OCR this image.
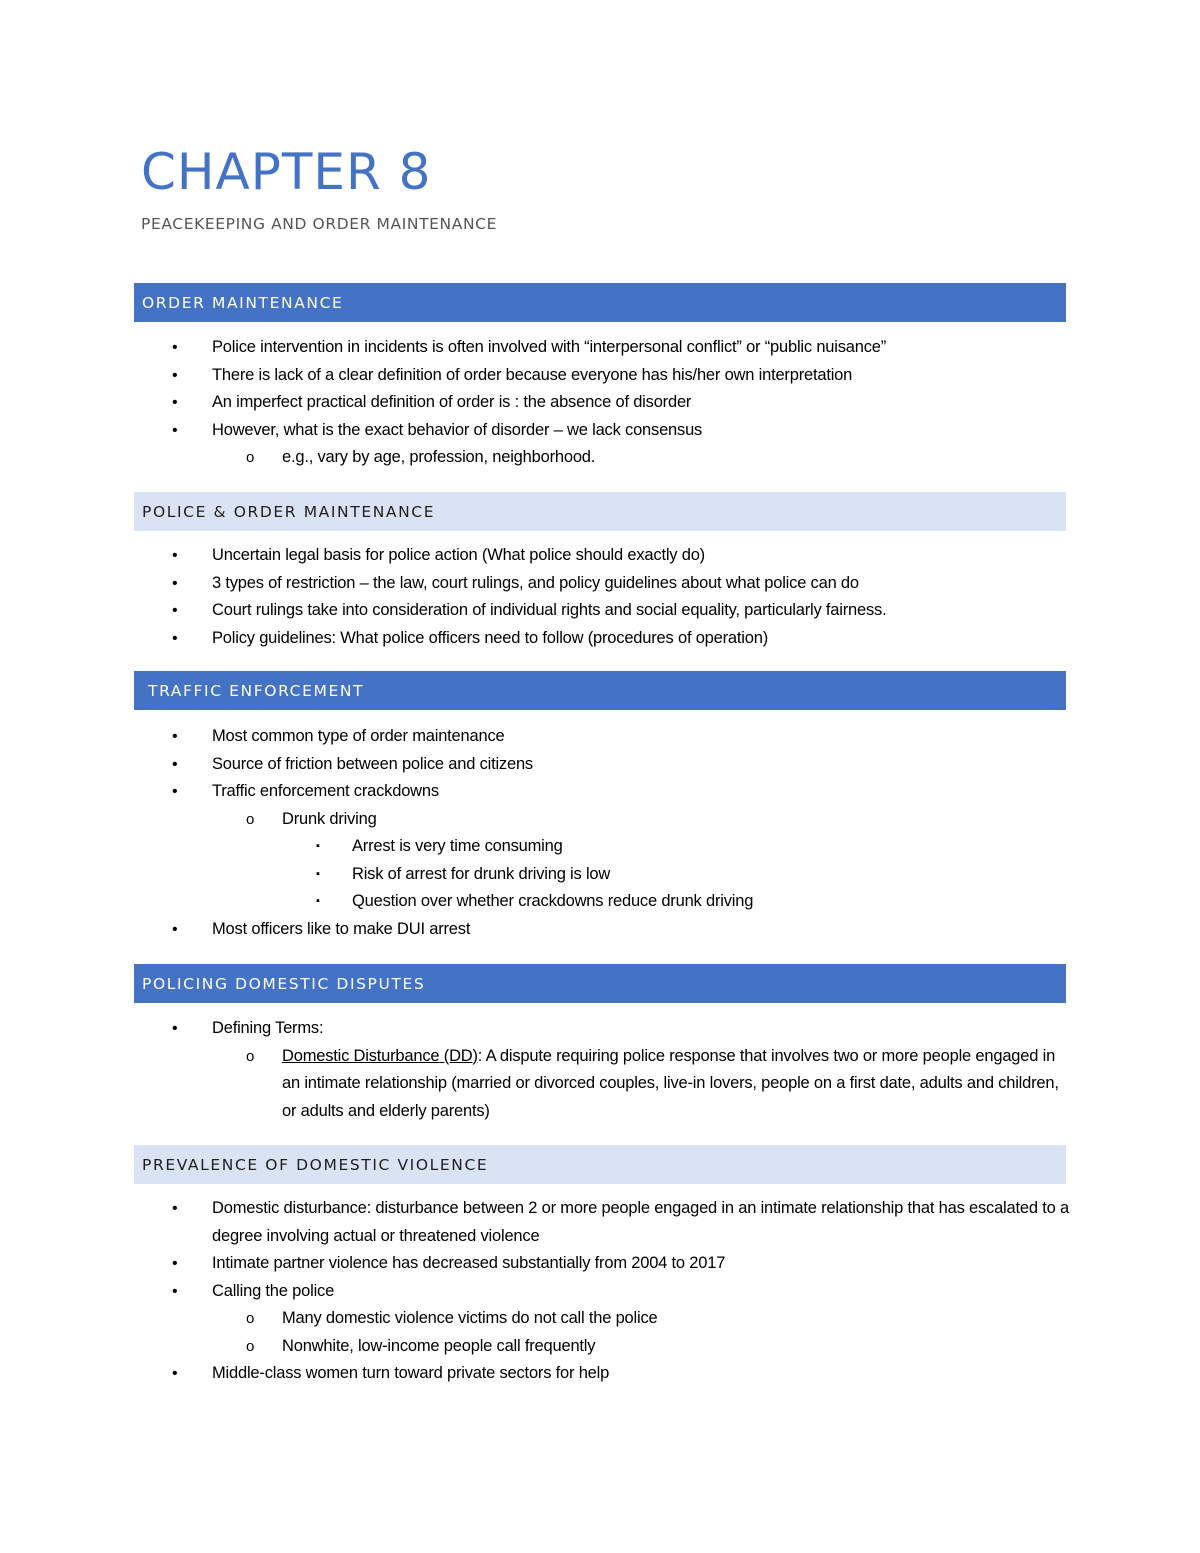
CHAPTER 8
PEACEKEEPING AND ORDER MAINTENANCE
ORDER MAINTENANCE
• Police intervention in incidents is often involved with “interpersonal conflict” or “public nuisance”
• There is lack of a clear definition of order because everyone has his/her own interpretation
• An imperfect practical definition of order is : the absence of disorder
• However, what is the exact behavior of disorder – we lack consensus
o e.g., vary by age, profession, neighborhood.
POLICE & ORDER MAINTENANCE
• Uncertain legal basis for police action (What police should exactly do)
• 3 types of restriction – the law, court rulings, and policy guidelines about what police can do
• Court rulings take into consideration of individual rights and social equality, particularly fairness.
• Policy guidelines: What police officers need to follow (procedures of operation)
TRAFFIC ENFORCEMENT
• Most common type of order maintenance
• Source of friction between police and citizens
• Traffic enforcement crackdowns
o Drunk driving
▪ Arrest is very time consuming
▪ Risk of arrest for drunk driving is low
▪ Question over whether crackdowns reduce drunk driving
• Most officers like to make DUI arrest
POLICING DOMESTIC DISPUTES
• Defining Terms:
o Domestic Disturbance (DD): A dispute requiring police response that involves two or more people engaged in an intimate relationship (married or divorced couples, live-in lovers, people on a first date, adults and children, or adults and elderly parents)
PREVALENCE OF DOMESTIC VIOLENCE
• Domestic disturbance: disturbance between 2 or more people engaged in an intimate relationship that has escalated to a degree involving actual or threatened violence
• Intimate partner violence has decreased substantially from 2004 to 2017
• Calling the police
o Many domestic violence victims do not call the police
o Nonwhite, low-income people call frequently
• Middle-class women turn toward private sectors for help
